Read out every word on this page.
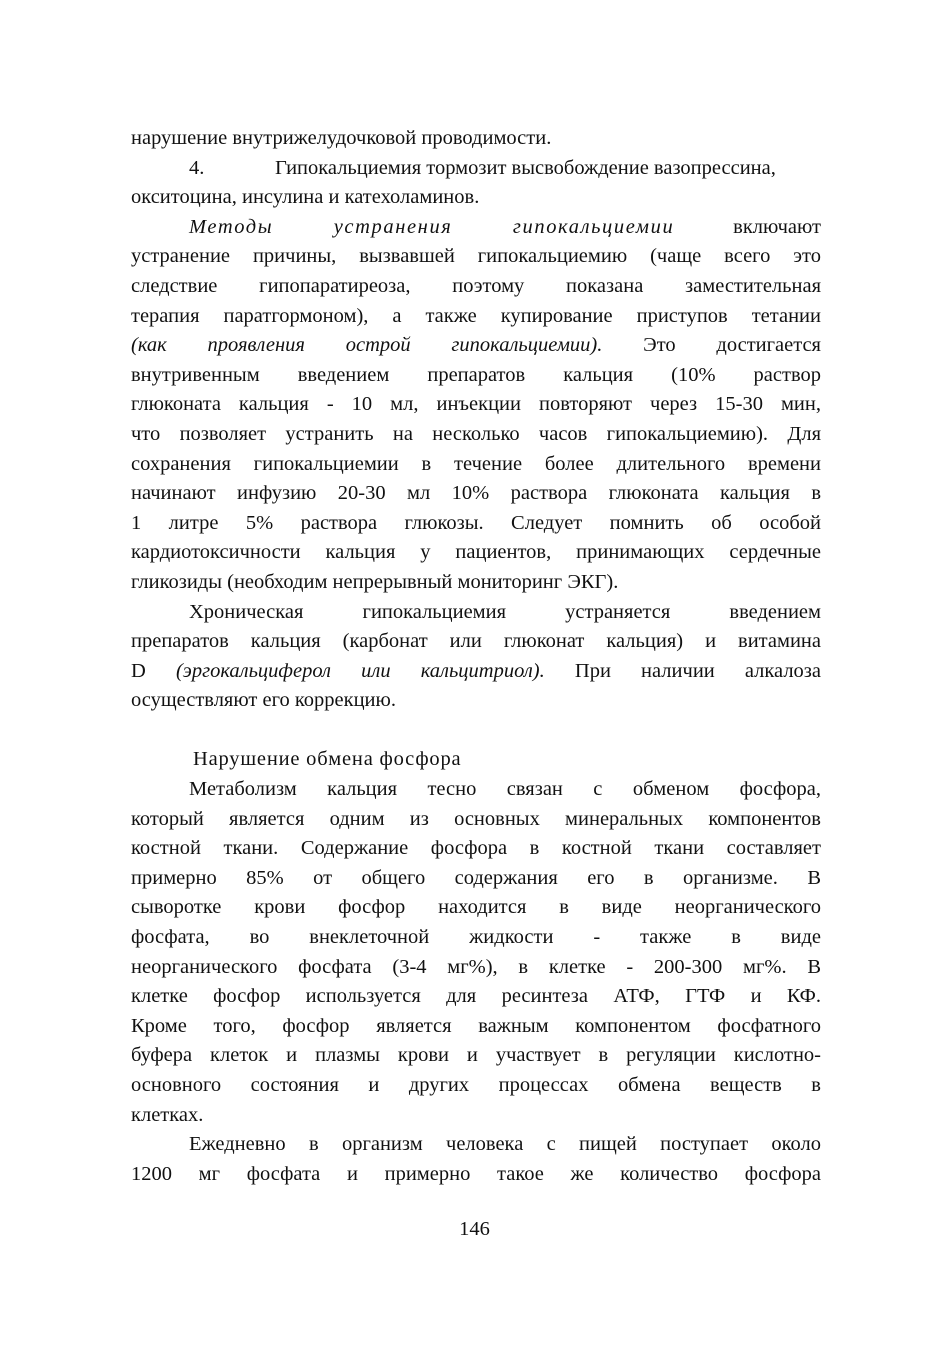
нарушение внутрижелудочковой проводимости.
4.	Гипокальциемия тормозит высвобождение вазопрессина,
окситоцина, инсулина и катехоламинов.
Методы устранения гипокальциемии	включают
устранение причины, вызвавшей гипокальциемию (чаще всего это
следствие гипопаратиреоза, поэтому показана заместительная
терапия паратгормоном), а также купирование приступов тетании
(как проявления острой гипокальциемии). Это достигается
внутривенным введением препаратов кальция (10% раствор
глюконата кальция - 10 мл, инъекции повторяют через 15-30 мин,
что позволяет устранить на несколько часов гипокальциемию). Для
сохранения гипокальциемии в течение более длительного времени
начинают инфузию 20-30 мл 10% раствора глюконата кальция в
1 литре 5% раствора глюкозы. Следует помнить об особой
кардиотоксичности кальция у пациентов, принимающих сердечные
гликозиды (необходим непрерывный мониторинг ЭКГ).
Хроническая гипокальциемия устраняется введением
препаратов кальция (карбонат или глюконат кальция) и витамина
D (эргокальциферол или кальцитриол). При наличии алкалоза
осуществляют его коррекцию.
Нарушение обмена фосфора
Метаболизм кальция тесно связан с обменом фосфора,
который является одним из основных минеральных компонентов
костной ткани. Содержание фосфора в костной ткани составляет
примерно 85% от общего содержания его в организме. В
сыворотке крови фосфор находится в виде неорганического
фосфата, во внеклеточной жидкости - также в виде
неорганического фосфата (3-4 мг%), в клетке - 200-300 мг%. В
клетке фосфор используется для ресинтеза АТФ, ГТФ и КФ.
Кроме того, фосфор является важным компонентом фосфатного
буфера клеток и плазмы крови и участвует в регуляции кислотно-
основного состояния и других процессах обмена веществ в
клетках.
Ежедневно в организм человека с пищей поступает около
1200 мг фосфата и примерно такое же количество фосфора
146
